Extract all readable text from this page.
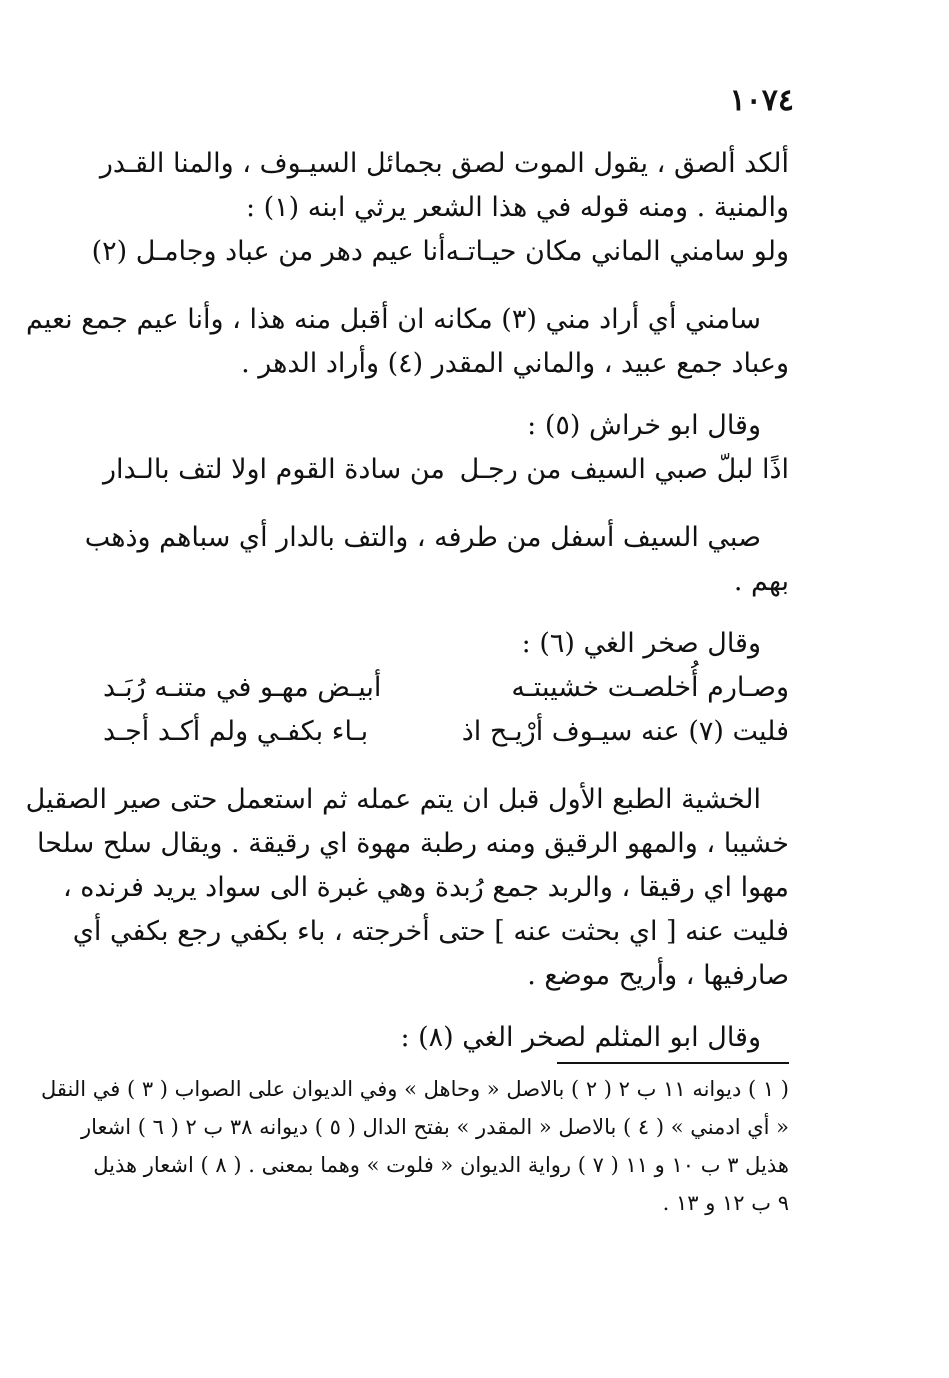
١٠٧٤
ألكد ألصق ، يقول الموت لصق بجمائل السيـوف ، والمنا القـدر
والمنية . ومنه قوله في هذا الشعر يرثي ابنه (١) :
ولو سامني الماني مكان حيـاتـه
أنا عيم دهر من عباد وجامـل (٢)
سامني أي أراد مني (٣) مكانه ان أقبل منه هذا ، وأنا عيم جمع نعيم
وعباد جمع عبيد ، والماني المقدر (٤) وأراد الدهر .
وقال ابو خراش (٥) :
اذًا لبلّ صبي السيف من رجـل
من سادة القوم اولا لتف بالـدار
صبي السيف أسفل من طرفه ، والتف بالدار أي سباهم وذهب
بهم .
وقال صخر الغي (٦) :
وصـارم أُخلصـت خشيبتـه
أبيـض مهـو في متنـه رُبَـد
فليت (٧) عنه سيـوف أرْيـح اذ
بـاء بكفـي ولم أكـد أجـد
الخشية الطبع الأول قبل ان يتم عمله ثم استعمل حتى صير الصقيل
خشيبا ، والمهو الرقيق ومنه رطبة مهوة اي رقيقة . ويقال سلح سلحا
مهوا اي رقيقا ، والربد جمع رُبدة وهي غبرة الى سواد يريد فرنده ،
فليت عنه [ اي بحثت عنه ] حتى أخرجته ، باء بكفي رجع بكفي أي
صارفيها ، وأريح موضع .
وقال ابو المثلم لصخر الغي (٨) :
( ١ ) ديوانه ١١ ب ٢ ( ٢ ) بالاصل « وحاهل » وفي الديوان على الصواب ( ٣ ) في النقل
« أي ادمني » ( ٤ ) بالاصل « المقدر » بفتح الدال ( ٥ ) ديوانه ٣٨ ب ٢ ( ٦ ) اشعار
هذيل ٣ ب ١٠ و ١١ ( ٧ ) رواية الديوان « فلوت » وهما بمعنى . ( ٨ ) اشعار هذيل
٩ ب ١٢ و ١٣ .
